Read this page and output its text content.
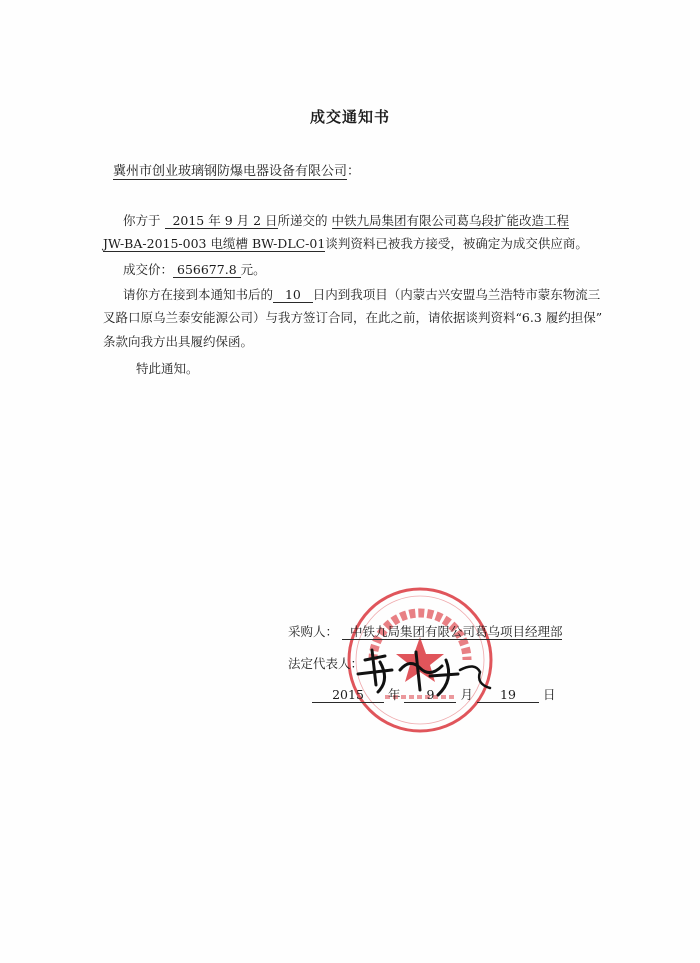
成交通知书
冀州市创业玻璃钢防爆电器设备有限公司：
你方于 2015 年 9 月 2 日所递交的 中铁九局集团有限公司葛乌段扩能改造工程
JW-BA-2015-003 电缆槽 BW-DLC-01谈判资料已被我方接受，被确定为成交供应商。
成交价： 656677.8 元。
请你方在接到本通知书后的 10 日内到我项目（内蒙古兴安盟乌兰浩特市蒙东物流三
叉路口原乌兰泰安能源公司）与我方签订合同，在此之前，请依据谈判资料“6.3 履约担保”
条款向我方出具履约保函。
特此通知。
采购人： 中铁九局集团有限公司葛乌项目经理部
法定代表人：
2015 年 9 月 19 日
